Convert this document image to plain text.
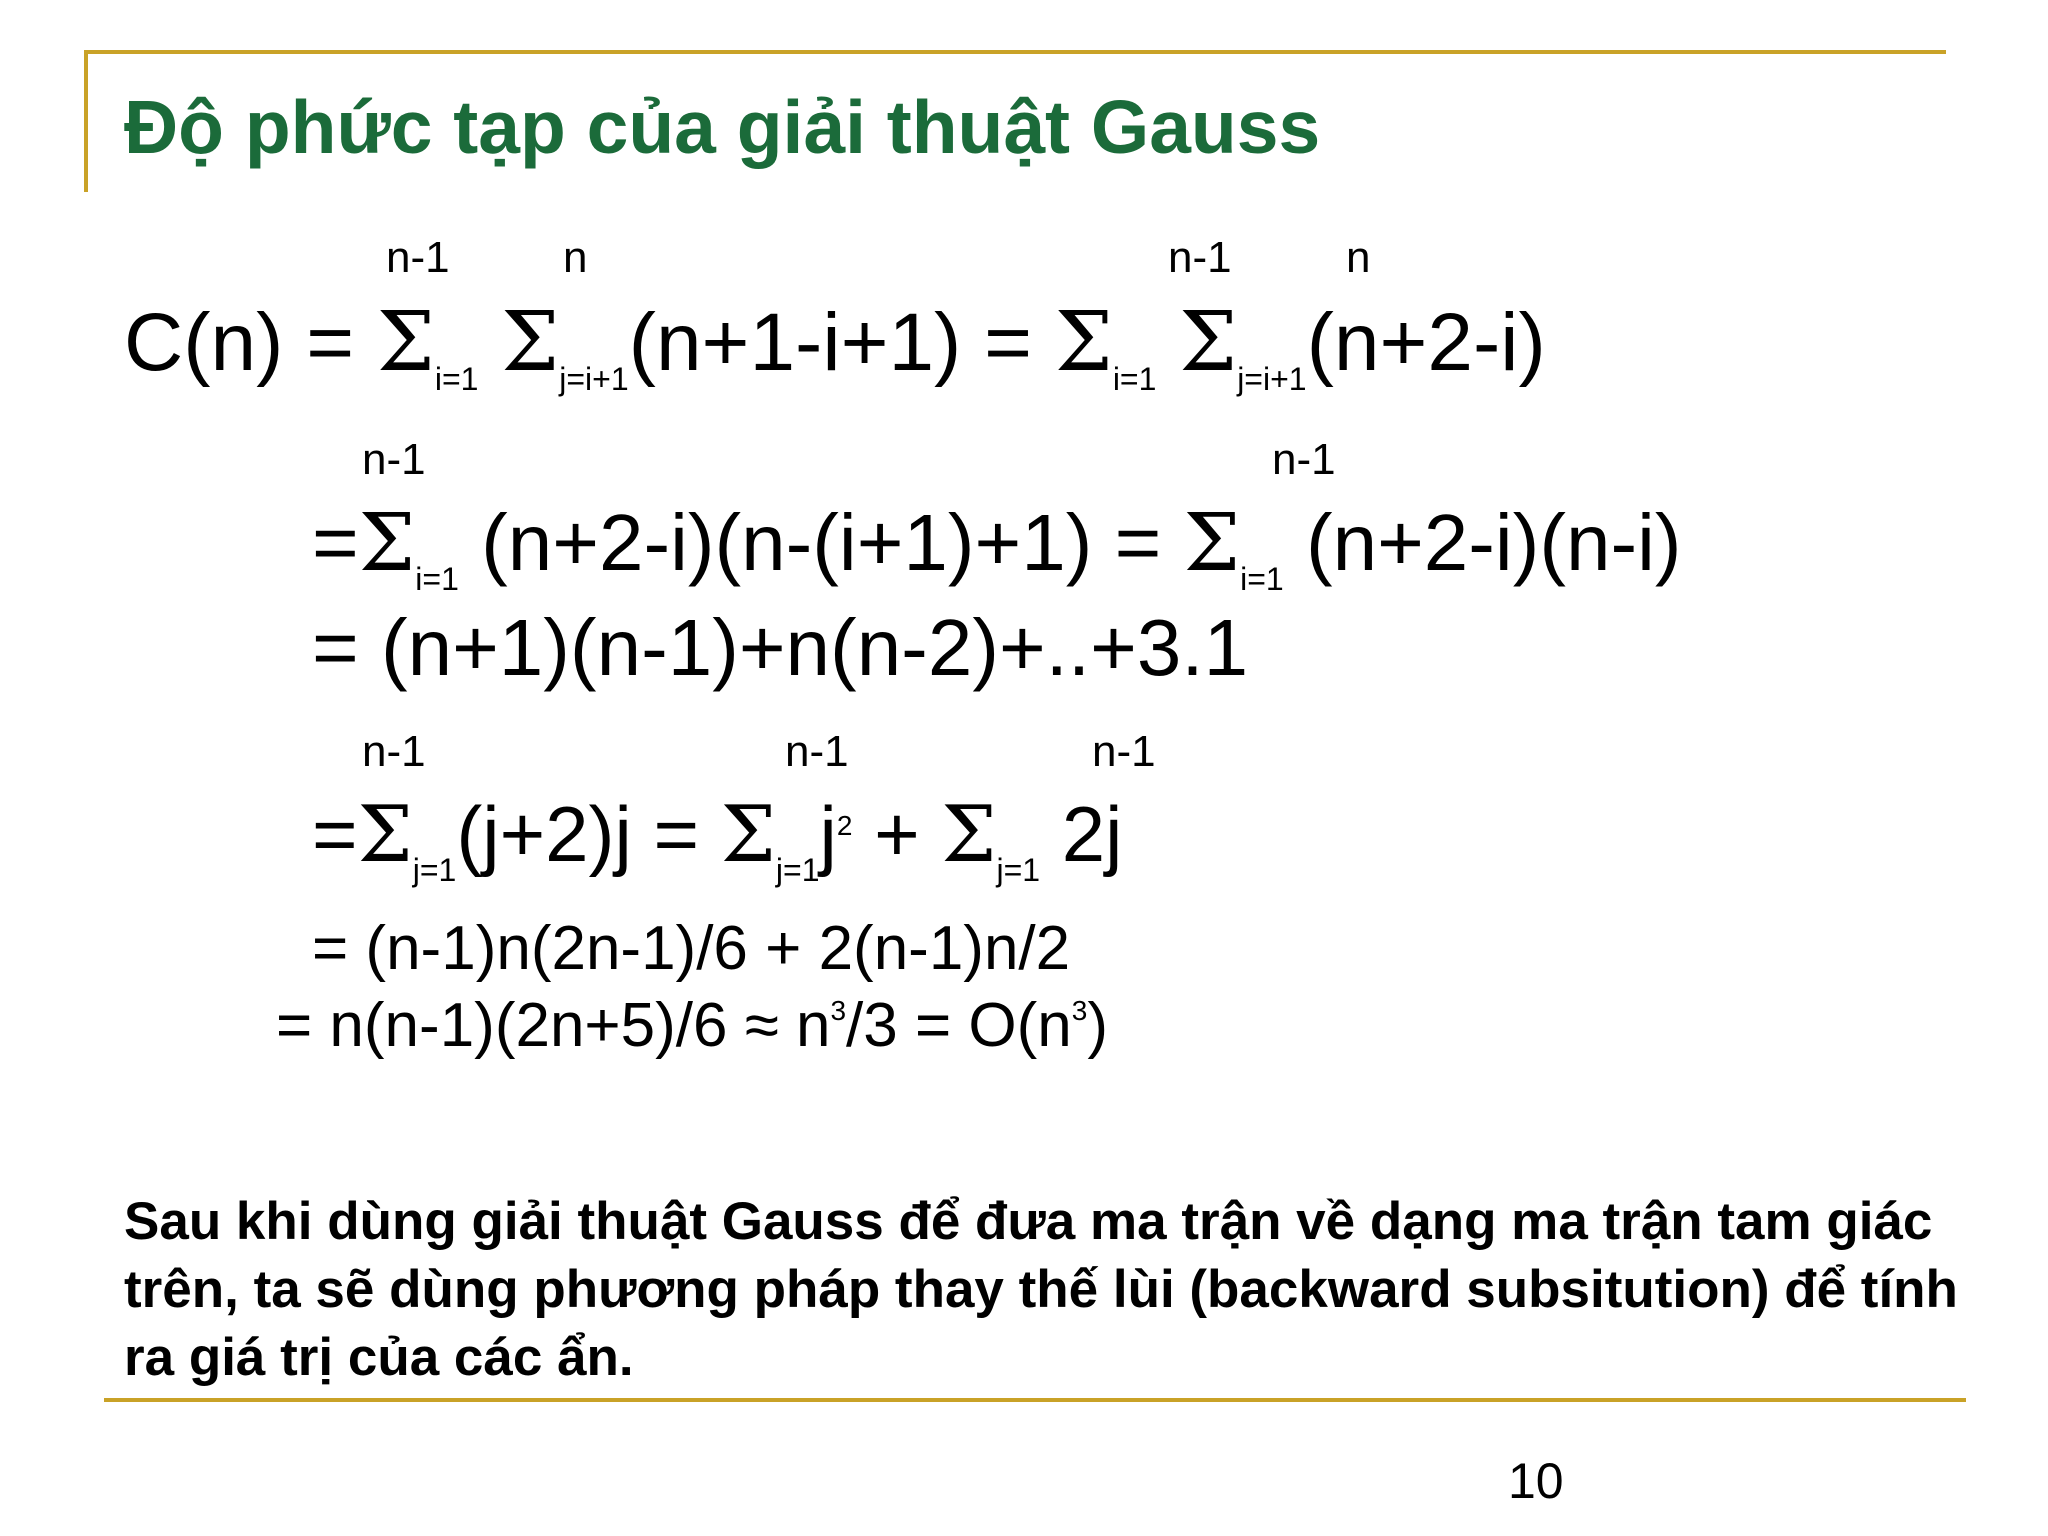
Độ phức tạp của giải thuật Gauss
n-1	n	n-1	n
$C(n) = \Sigma_{i=1}$ $\Sigma_{j=i+1}(n+1-i+1) = \Sigma_{i=1}$ $\Sigma_{j=i+1}(n+2-i)$
n-1	n-1
$=\Sigma_{i=1}$ $(n+2-i)(n-(i+1)+1) = \Sigma_{i=1}$ (n+2-i)(n-i)
= (n+1)(n-1)+n(n-2)+..+3.1
n-1	n-1	n-1
$=\Sigma_{j=1}(j+2)j = \Sigma_{j=1}j^2 + \Sigma_{j=1}$ 2j
= (n-1)n(2n-1)/6 + 2(n-1)n/2
= $n(n-1)(2n+5)/6 \approx n^3/3 = O(n^3)$

Sau khi dùng giải thuật Gauss để đưa ma trận về dạng ma trận tam giác trên, ta sẽ dùng phương pháp thay thế lùi (backward subsitution) để tính ra giá trị của các ẩn.

10
